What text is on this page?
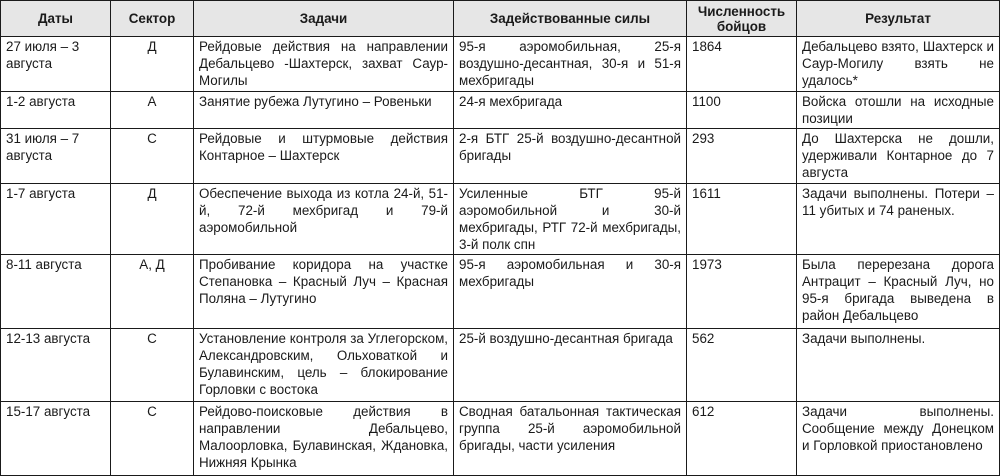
Даты	Сектор	Задачи	Задействованные силы	Численность бойцов	Результат
27 июля – 3 августа	Д	Рейдовые действия на направлении Дебальцево -Шахтерск, захват Саур-Могилы	95-я аэромобильная, 25-я воздушно-десантная, 30-я и 51-я мехбригады	1864	Дебальцево взято, Шахтерск и Саур-Могилу взять не удалось*
1-2 августа	А	Занятие рубежа Лутугино – Ровеньки	24-я мехбригада	1100	Войска отошли на исходные позиции
31 июля – 7 августа	С	Рейдовые и штурмовые действия Контарное – Шахтерск	2-я БТГ 25-й воздушно-десантной бригады	293	До Шахтерска не дошли, удерживали Контарное до 7 августа
1-7 августа	Д	Обеспечение выхода из котла 24-й, 51-й, 72-й мехбригад и 79-й аэромобильной	Усиленные БТГ 95-й аэромобильной и 30-й мехбригады, РТГ 72-й мехбригады, 3-й полк спн	1611	Задачи выполнены. Потери – 11 убитых и 74 раненых.
8-11 августа	А, Д	Пробивание коридора на участке Степановка – Красный Луч – Красная Поляна – Лутугино	95-я аэромобильная и 30-я мехбригады	1973	Была перерезана дорога Антрацит – Красный Луч, но 95-я бригада выведена в район Дебальцево
12-13 августа	С	Установление контроля за Углегорском, Александровским, Ольховаткой и Булавинским, цель – блокирование Горловки с востока	25-й воздушно-десантная бригада	562	Задачи выполнены.
15-17 августа	С	Рейдово-поисковые действия в направлении Дебальцево, Малоорловка, Булавинская, Ждановка, Нижняя Крынка	Сводная батальонная тактическая группа 25-й аэромобильной бригады, части усиления	612	Задачи выполнены. Сообщение между Донецком и Горловкой приостановлено
